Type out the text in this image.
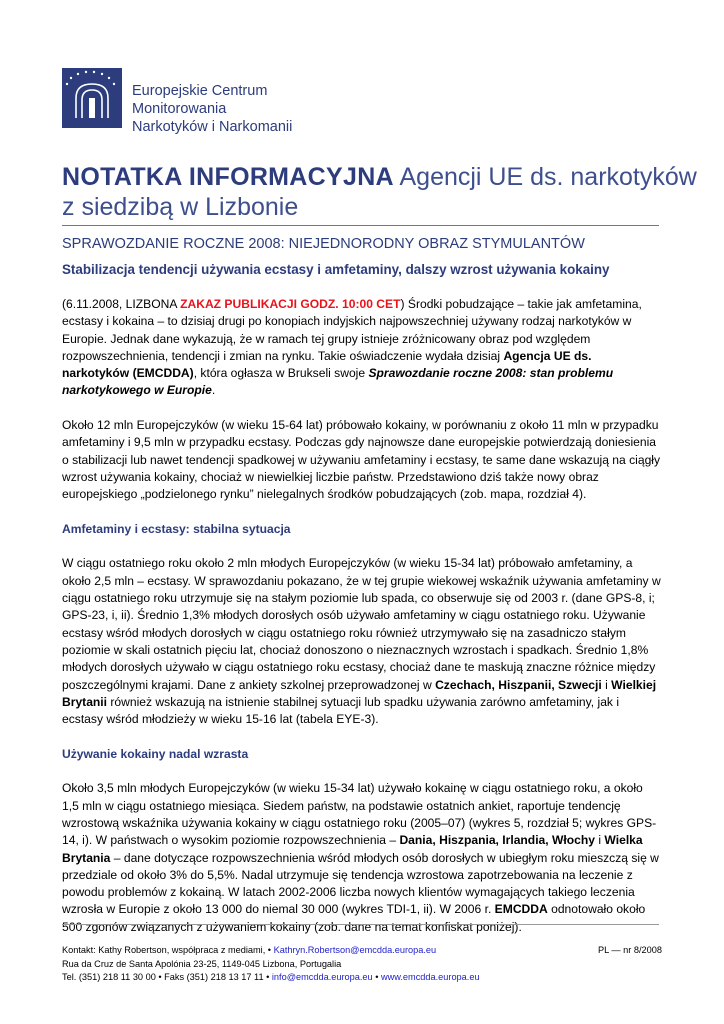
Europejskie Centrum Monitorowania
Narkotyków i Narkomanii
NOTATKA INFORMACYJNA Agencji UE ds. narkotyków
z siedzibą w Lizbonie
SPRAWOZDANIE ROCZNE 2008: NIEJEDNORODNY OBRAZ STYMULANTÓW
Stabilizacja tendencji używania ecstasy i amfetaminy, dalszy wzrost używania kokainy

(6.11.2008, LIZBONA ZAKAZ PUBLIKACJI GODZ. 10:00 CET) Środki pobudzające – takie jak amfetamina, ecstasy i kokaina – to dzisiaj drugi po konopiach indyjskich najpowszechniej używany rodzaj narkotyków w Europie. Jednak dane wykazują, że w ramach tej grupy istnieje zróżnicowany obraz pod względem rozpowszechnienia, tendencji i zmian na rynku. Takie oświadczenie wydała dzisiaj Agencja UE ds. narkotyków (EMCDDA), która ogłasza w Brukseli swoje Sprawozdanie roczne 2008: stan problemu narkotykowego w Europie.

Około 12 mln Europejczyków (w wieku 15-64 lat) próbowało kokainy, w porównaniu z około 11 mln w przypadku amfetaminy i 9,5 mln w przypadku ecstasy. Podczas gdy najnowsze dane europejskie potwierdzają doniesienia o stabilizacji lub nawet tendencji spadkowej w używaniu amfetaminy i ecstasy, te same dane wskazują na ciągły wzrost używania kokainy, chociaż w niewielkiej liczbie państw. Przedstawiono dziś także nowy obraz europejskiego „podzielonego rynku” nielegalnych środków pobudzających (zob. mapa, rozdział 4).

Amfetaminy i ecstasy: stabilna sytuacja

W ciągu ostatniego roku około 2 mln młodych Europejczyków (w wieku 15-34 lat) próbowało amfetaminy, a około 2,5 mln – ecstasy. W sprawozdaniu pokazano, że w tej grupie wiekowej wskaźnik używania amfetaminy w ciągu ostatniego roku utrzymuje się na stałym poziomie lub spada, co obserwuje się od 2003 r. (dane GPS-8, i; GPS-23, i, ii). Średnio 1,3% młodych dorosłych osób używało amfetaminy w ciągu ostatniego roku. Używanie ecstasy wśród młodych dorosłych w ciągu ostatniego roku również utrzymywało się na zasadniczo stałym poziomie w skali ostatnich pięciu lat, chociaż donoszono o nieznacznych wzrostach i spadkach. Średnio 1,8% młodych dorosłych używało w ciągu ostatniego roku ecstasy, chociaż dane te maskują znaczne różnice między poszczególnymi krajami. Dane z ankiety szkolnej przeprowadzonej w Czechach, Hiszpanii, Szwecji i Wielkiej Brytanii również wskazują na istnienie stabilnej sytuacji lub spadku używania zarówno amfetaminy, jak i ecstasy wśród młodzieży w wieku 15-16 lat (tabela EYE-3).

Używanie kokainy nadal wzrasta

Około 3,5 mln młodych Europejczyków (w wieku 15-34 lat) używało kokainę w ciągu ostatniego roku, a około 1,5 mln w ciągu ostatniego miesiąca. Siedem państw, na podstawie ostatnich ankiet, raportuje tendencję wzrostową wskaźnika używania kokainy w ciągu ostatniego roku (2005–07) (wykres 5, rozdział 5; wykres GPS-14, i). W państwach o wysokim poziomie rozpowszechnienia – Dania, Hiszpania, Irlandia, Włochy i Wielka Brytania – dane dotyczące rozpowszechnienia wśród młodych osób dorosłych w ubiegłym roku mieszczą się w przedziale od około 3% do 5,5%. Nadal utrzymuje się tendencja wzrostowa zapotrzebowania na leczenie z powodu problemów z kokainą. W latach 2002-2006 liczba nowych klientów wymagających takiego leczenia wzrosła w Europie z około 13 000 do niemal 30 000 (wykres TDI-1, ii). W 2006 r. EMCDDA odnotowało około 500 zgonów związanych z używaniem kokainy (zob. dane na temat konfiskat poniżej).

Kontakt: Kathy Robertson, współpraca z mediami, • Kathryn.Robertson@emcdda.europa.eu	PL — nr 8/2008
Rua da Cruz de Santa Apolónia 23-25, 1149-045 Lizbona, Portugalia
Tel. (351) 218 11 30 00 • Faks (351) 218 13 17 11 • info@emcdda.europa.eu • www.emcdda.europa.eu
